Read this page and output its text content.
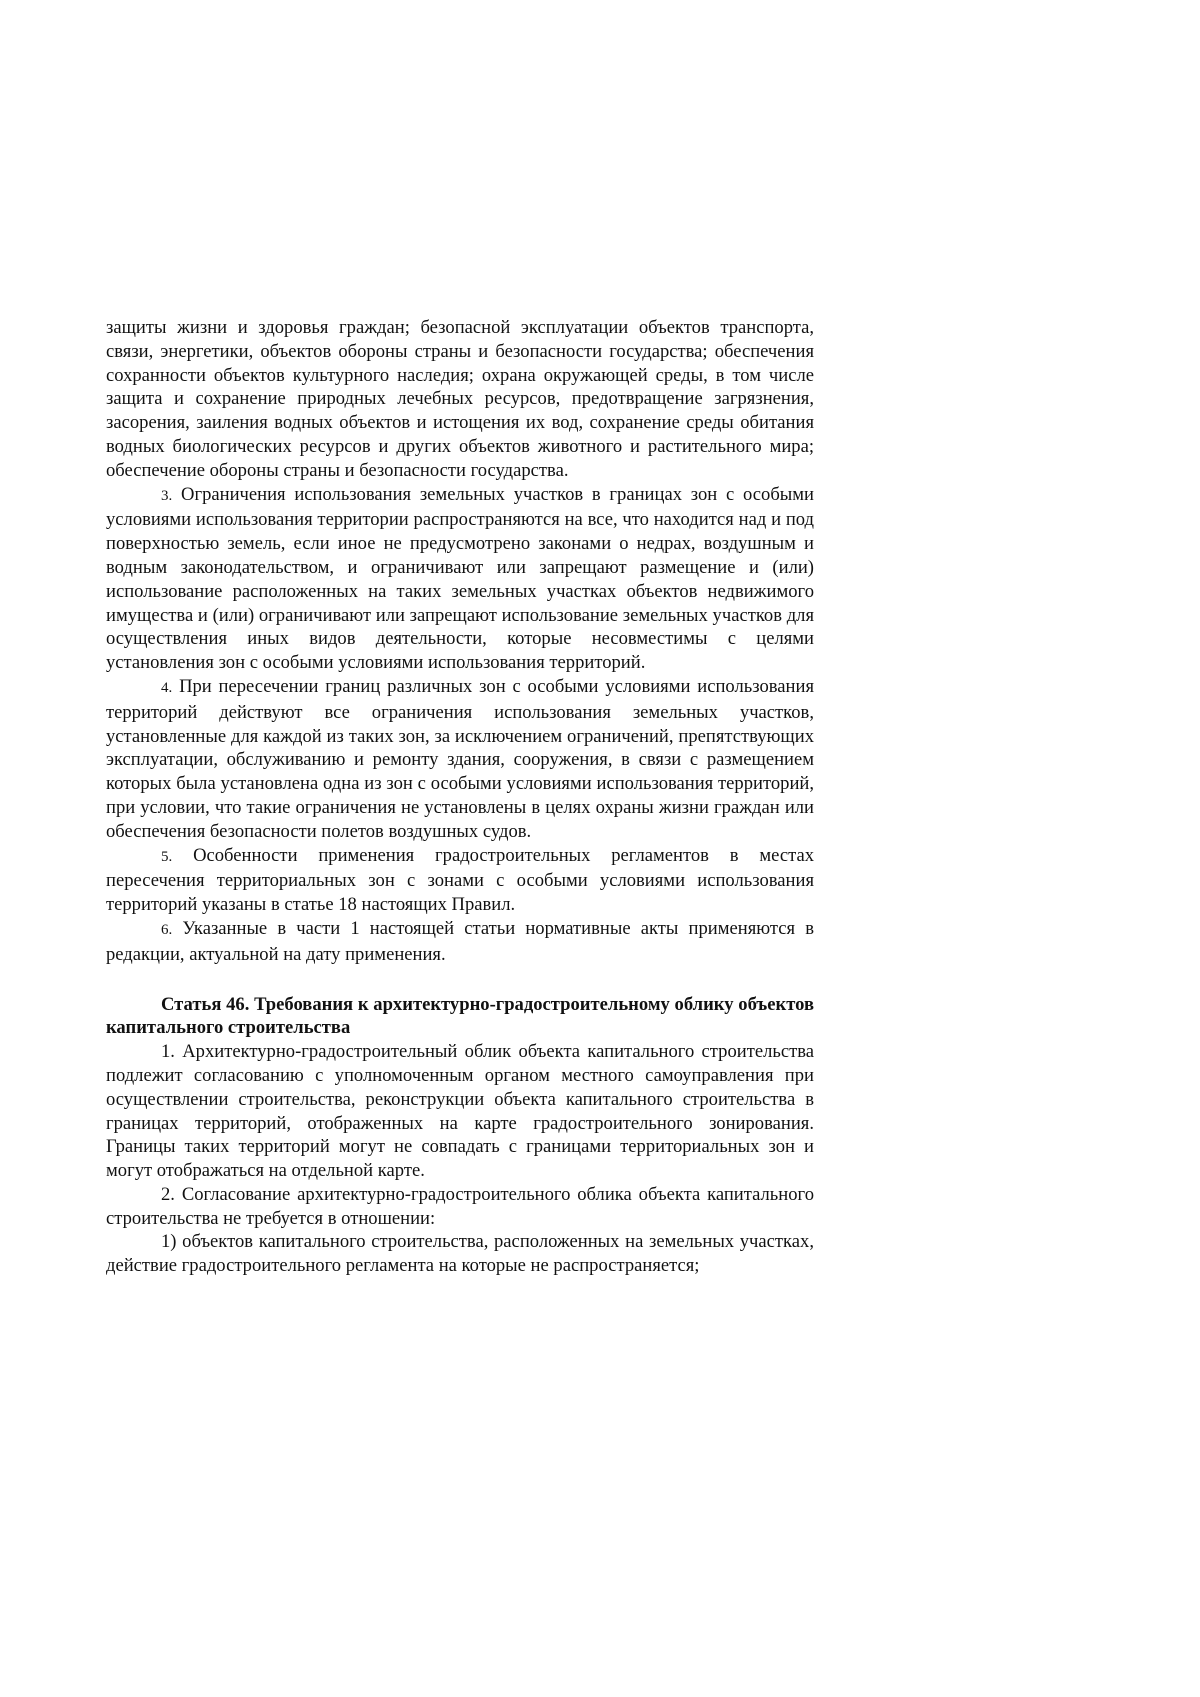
защиты жизни и здоровья граждан; безопасной эксплуатации объектов транспорта, связи, энергетики, объектов обороны страны и безопасности государства; обеспечения сохранности объектов культурного наследия; охрана окружающей среды, в том числе защита и сохранение природных лечебных ресурсов, предотвращение загрязнения, засорения, заиления водных объектов и истощения их вод, сохранение среды обитания водных биологических ресурсов и других объектов животного и растительного мира; обеспечение обороны страны и безопасности государства.

3. Ограничения использования земельных участков в границах зон с особыми условиями использования территории распространяются на все, что находится над и под поверхностью земель, если иное не предусмотрено законами о недрах, воздушным и водным законодательством, и ограничивают или запрещают размещение и (или) использование расположенных на таких земельных участках объектов недвижимого имущества и (или) ограничивают или запрещают использование земельных участков для осуществления иных видов деятельности, которые несовместимы с целями установления зон с особыми условиями использования территорий.

4. При пересечении границ различных зон с особыми условиями использования территорий действуют все ограничения использования земельных участков, установленные для каждой из таких зон, за исключением ограничений, препятствующих эксплуатации, обслуживанию и ремонту здания, сооружения, в связи с размещением которых была установлена одна из зон с особыми условиями использования территорий, при условии, что такие ограничения не установлены в целях охраны жизни граждан или обеспечения безопасности полетов воздушных судов.

5. Особенности применения градостроительных регламентов в местах пересечения территориальных зон с зонами с особыми условиями использования территорий указаны в статье 18 настоящих Правил.

6. Указанные в части 1 настоящей статьи нормативные акты применяются в редакции, актуальной на дату применения.

Статья 46. Требования к архитектурно-градостроительному облику объектов капитального строительства

1. Архитектурно-градостроительный облик объекта капитального строительства подлежит согласованию с уполномоченным органом местного самоуправления при осуществлении строительства, реконструкции объекта капитального строительства в границах территорий, отображенных на карте градостроительного зонирования. Границы таких территорий могут не совпадать с границами территориальных зон и могут отображаться на отдельной карте.

2. Согласование архитектурно-градостроительного облика объекта капитального строительства не требуется в отношении:

1) объектов капитального строительства, расположенных на земельных участках, действие градостроительного регламента на которые не распространяется;
